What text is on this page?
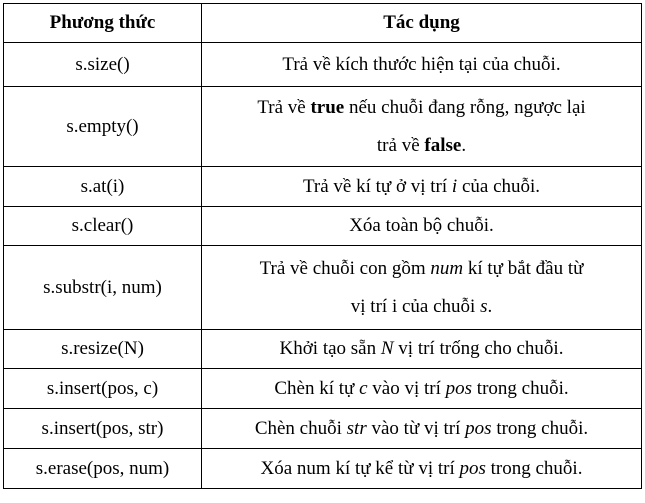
Phương thức	Tác dụng
s.size()	Trả về kích thước hiện tại của chuỗi.
s.empty()	Trả về true nếu chuỗi đang rỗng, ngược lại
trả về false.
s.at(i)	Trả về kí tự ở vị trí i của chuỗi.
s.clear()	Xóa toàn bộ chuỗi.
s.substr(i, num)	Trả về chuỗi con gồm num kí tự bắt đầu từ
vị trí i của chuỗi s.
s.resize(N)	Khởi tạo sẵn N vị trí trống cho chuỗi.
s.insert(pos, c)	Chèn kí tự c vào vị trí pos trong chuỗi.
s.insert(pos, str)	Chèn chuỗi str vào từ vị trí pos trong chuỗi.
s.erase(pos, num)	Xóa num kí tự kể từ vị trí pos trong chuỗi.
